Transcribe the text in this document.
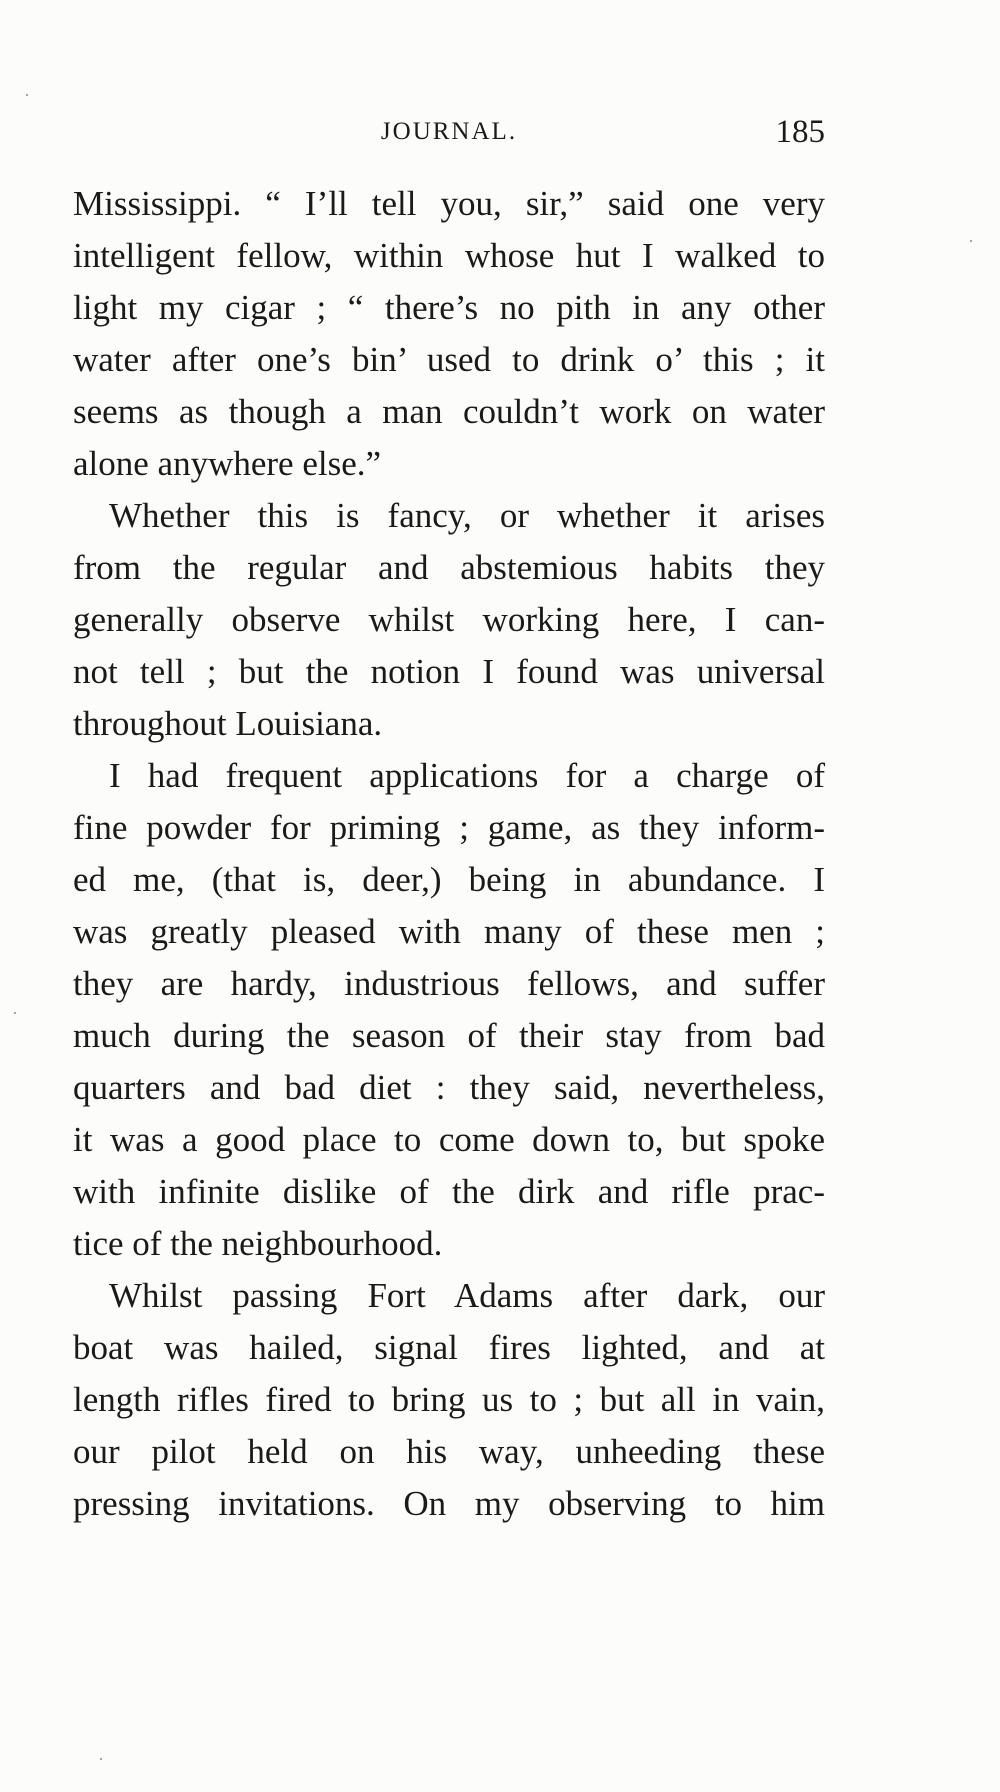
JOURNAL.	185
Mississippi. “ I’ll tell you, sir,” said one very
intelligent fellow, within whose hut I walked to
light my cigar ; “ there’s no pith in any other
water after one’s bin’ used to drink o’ this ; it
seems as though a man couldn’t work on water
alone anywhere else.”
Whether this is fancy, or whether it arises
from the regular and abstemious habits they
generally observe whilst working here, I can-
not tell ; but the notion I found was universal
throughout Louisiana.
I had frequent applications for a charge of
fine powder for priming ; game, as they inform-
ed me, (that is, deer,) being in abundance. I
was greatly pleased with many of these men ;
they are hardy, industrious fellows, and suffer
much during the season of their stay from bad
quarters and bad diet : they said, nevertheless,
it was a good place to come down to, but spoke
with infinite dislike of the dirk and rifle prac-
tice of the neighbourhood.
Whilst passing Fort Adams after dark, our
boat was hailed, signal fires lighted, and at
length rifles fired to bring us to ; but all in vain,
our pilot held on his way, unheeding these
pressing invitations. On my observing to him
